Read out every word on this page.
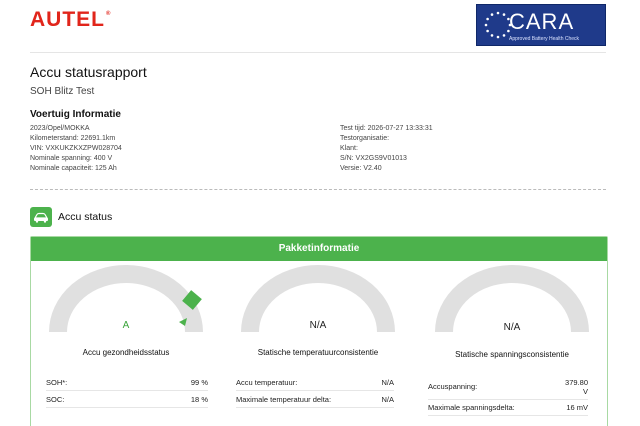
AUTEL®	CARA
Approved Battery Health Check
Accu statusrapport
SOH Blitz Test
Voertuig Informatie
2023/Opel/MOKKA
Kilometerstand: 22691.1km
VIN: VXKUKZKXZPW028704
Nominale spanning: 400 V
Nominale capaciteit: 125 Ah
Test tijd: 2026-07-27 13:33:31
Testorganisatie:
Klant:
S/N: VX2GS9V01013
Versie: V2.40
Accu status
Pakketinformatie
A
Accu gezondheidsstatus
N/A
Statische temperatuurconsistentie
N/A
Statische spanningsconsistentie
SOH*:	99 %
SOC:	18 %
Accu temperatuur:	N/A
Maximale temperatuur delta:	N/A
Accuspanning:	379.80 V
Maximale spanningsdelta:	16 mV
